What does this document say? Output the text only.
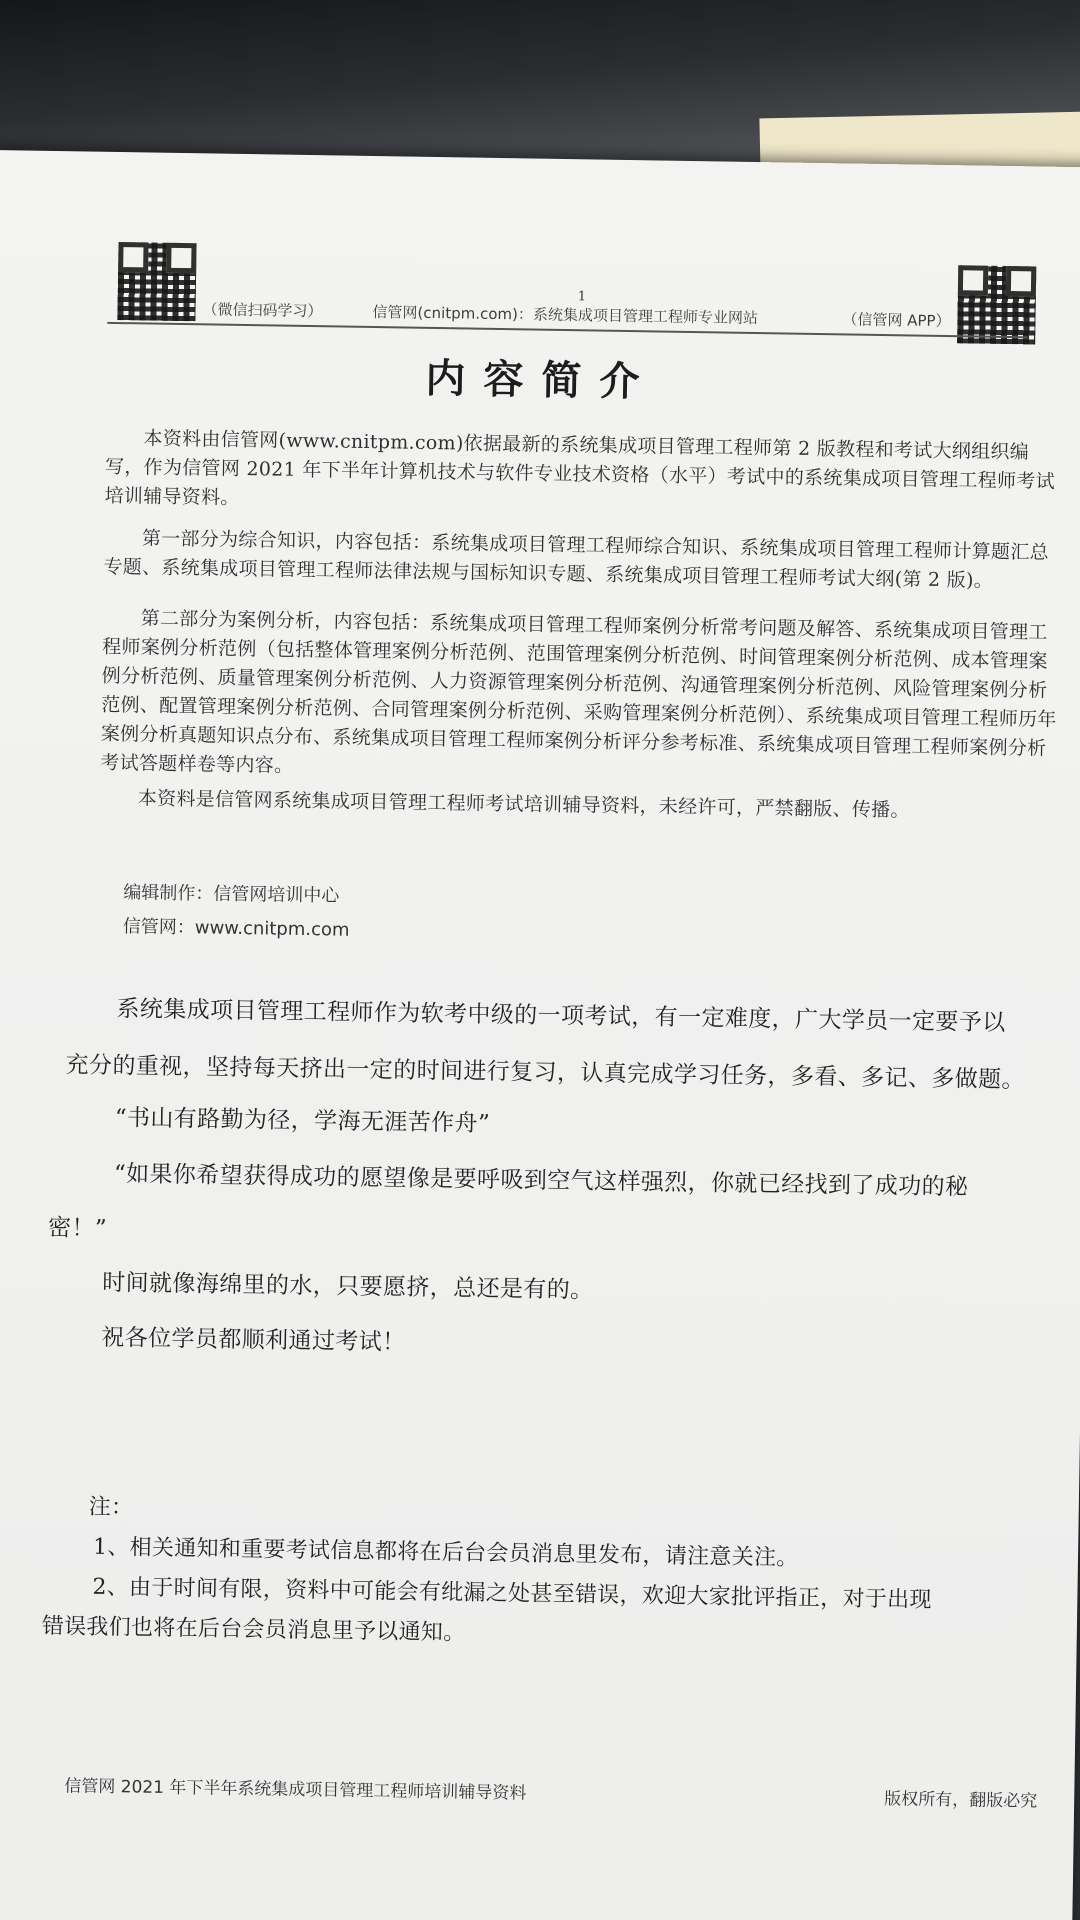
（微信扫码学习）
1
信管网(cnitpm.com)：系统集成项目管理工程师专业网站	（信管网 APP）
内容简介

本资料由信管网(www.cnitpm.com)依据最新的系统集成项目管理工程师第 2 版教程和考试大纲组织编写，作为信管网 2021 年下半年计算机技术与软件专业技术资格（水平）考试中的系统集成项目管理工程师考试培训辅导资料。

第一部分为综合知识，内容包括：系统集成项目管理工程师综合知识、系统集成项目管理工程师计算题汇总专题、系统集成项目管理工程师法律法规与国标知识专题、系统集成项目管理工程师考试大纲(第 2 版)。

第二部分为案例分析，内容包括：系统集成项目管理工程师案例分析常考问题及解答、系统集成项目管理工程师案例分析范例（包括整体管理案例分析范例、范围管理案例分析范例、时间管理案例分析范例、成本管理案例分析范例、质量管理案例分析范例、人力资源管理案例分析范例、沟通管理案例分析范例、风险管理案例分析范例、配置管理案例分析范例、合同管理案例分析范例、采购管理案例分析范例）、系统集成项目管理工程师历年案例分析真题知识点分布、系统集成项目管理工程师案例分析评分参考标准、系统集成项目管理工程师案例分析考试答题样卷等内容。

本资料是信管网系统集成项目管理工程师考试培训辅导资料，未经许可，严禁翻版、传播。

编辑制作：信管网培训中心
信管网：www.cnitpm.com
系统集成项目管理工程师作为软考中级的一项考试，有一定难度，广大学员一定要予以
充分的重视，坚持每天挤出一定的时间进行复习，认真完成学习任务，多看、多记、多做题。
“书山有路勤为径，学海无涯苦作舟”
“如果你希望获得成功的愿望像是要呼吸到空气这样强烈，你就已经找到了成功的秘
密！”
时间就像海绵里的水，只要愿挤，总还是有的。
祝各位学员都顺利通过考试！
注：
1、相关通知和重要考试信息都将在后台会员消息里发布，请注意关注。
2、由于时间有限，资料中可能会有纰漏之处甚至错误，欢迎大家批评指正，对于出现
错误我们也将在后台会员消息里予以通知。
信管网 2021 年下半年系统集成项目管理工程师培训辅导资料	版权所有，翻版必究
